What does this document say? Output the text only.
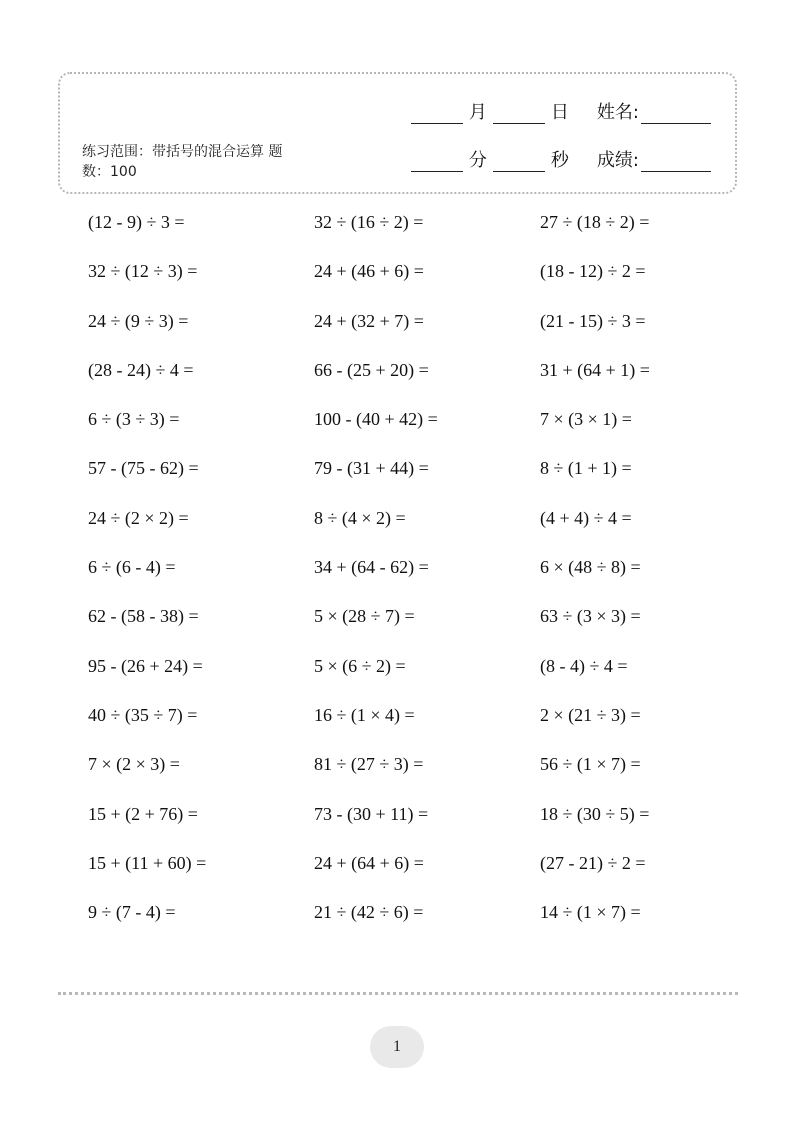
练习范围：带括号的混合运算 题数：100
月	日 姓名:
分	秒 成绩:
(12 - 9) ÷ 3 =	32 ÷ (16 ÷ 2) =	27 ÷ (18 ÷ 2) =
32 ÷ (12 ÷ 3) =	24 + (46 + 6) =	(18 - 12) ÷ 2 =
24 ÷ (9 ÷ 3) =	24 + (32 + 7) =	(21 - 15) ÷ 3 =
(28 - 24) ÷ 4 =	66 - (25 + 20) =	31 + (64 + 1) =
6 ÷ (3 ÷ 3) =	100 - (40 + 42) =	7 × (3 × 1) =
57 - (75 - 62) =	79 - (31 + 44) =	8 ÷ (1 + 1) =
24 ÷ (2 × 2) =	8 ÷ (4 × 2) =	(4 + 4) ÷ 4 =
6 ÷ (6 - 4) =	34 + (64 - 62) =	6 × (48 ÷ 8) =
62 - (58 - 38) =	5 × (28 ÷ 7) =	63 ÷ (3 × 3) =
95 - (26 + 24) =	5 × (6 ÷ 2) =	(8 - 4) ÷ 4 =
40 ÷ (35 ÷ 7) =	16 ÷ (1 × 4) =	2 × (21 ÷ 3) =
7 × (2 × 3) =	81 ÷ (27 ÷ 3) =	56 ÷ (1 × 7) =
15 + (2 + 76) =	73 - (30 + 11) =	18 ÷ (30 ÷ 5) =
15 + (11 + 60) =	24 + (64 + 6) =	(27 - 21) ÷ 2 =
9 ÷ (7 - 4) =	21 ÷ (42 ÷ 6) =	14 ÷ (1 × 7) =
1
